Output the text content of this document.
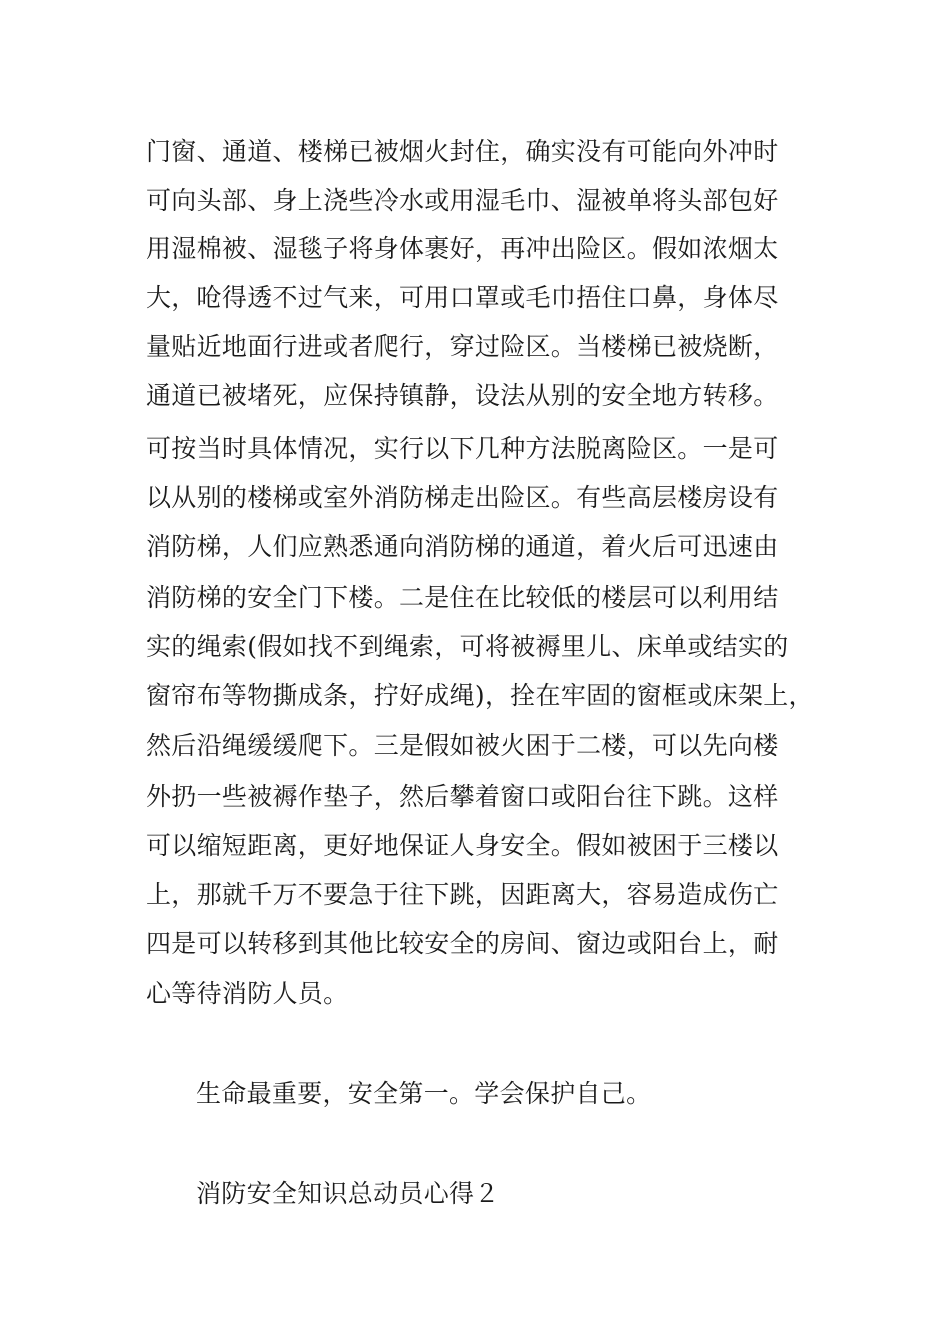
门窗、通道、楼梯已被烟火封住，确实没有可能向外冲时
可向头部、身上浇些冷水或用湿毛巾、湿被单将头部包好
用湿棉被、湿毯子将身体裹好，再冲出险区。假如浓烟太
大，呛得透不过气来，可用口罩或毛巾捂住口鼻，身体尽
量贴近地面行进或者爬行，穿过险区。当楼梯已被烧断，
通道已被堵死，应保持镇静，设法从别的安全地方转移。
可按当时具体情况，实行以下几种方法脱离险区。一是可
以从别的楼梯或室外消防梯走出险区。有些高层楼房设有
消防梯，人们应熟悉通向消防梯的通道，着火后可迅速由
消防梯的安全门下楼。二是住在比较低的楼层可以利用结
实的绳索(假如找不到绳索，可将被褥里儿、床单或结实的
窗帘布等物撕成条，拧好成绳)，拴在牢固的窗框或床架上，
然后沿绳缓缓爬下。三是假如被火困于二楼，可以先向楼
外扔一些被褥作垫子，然后攀着窗口或阳台往下跳。这样
可以缩短距离，更好地保证人身安全。假如被困于三楼以
上，那就千万不要急于往下跳，因距离大，容易造成伤亡
四是可以转移到其他比较安全的房间、窗边或阳台上，耐
心等待消防人员。
生命最重要，安全第一。学会保护自己。
消防安全知识总动员心得２
